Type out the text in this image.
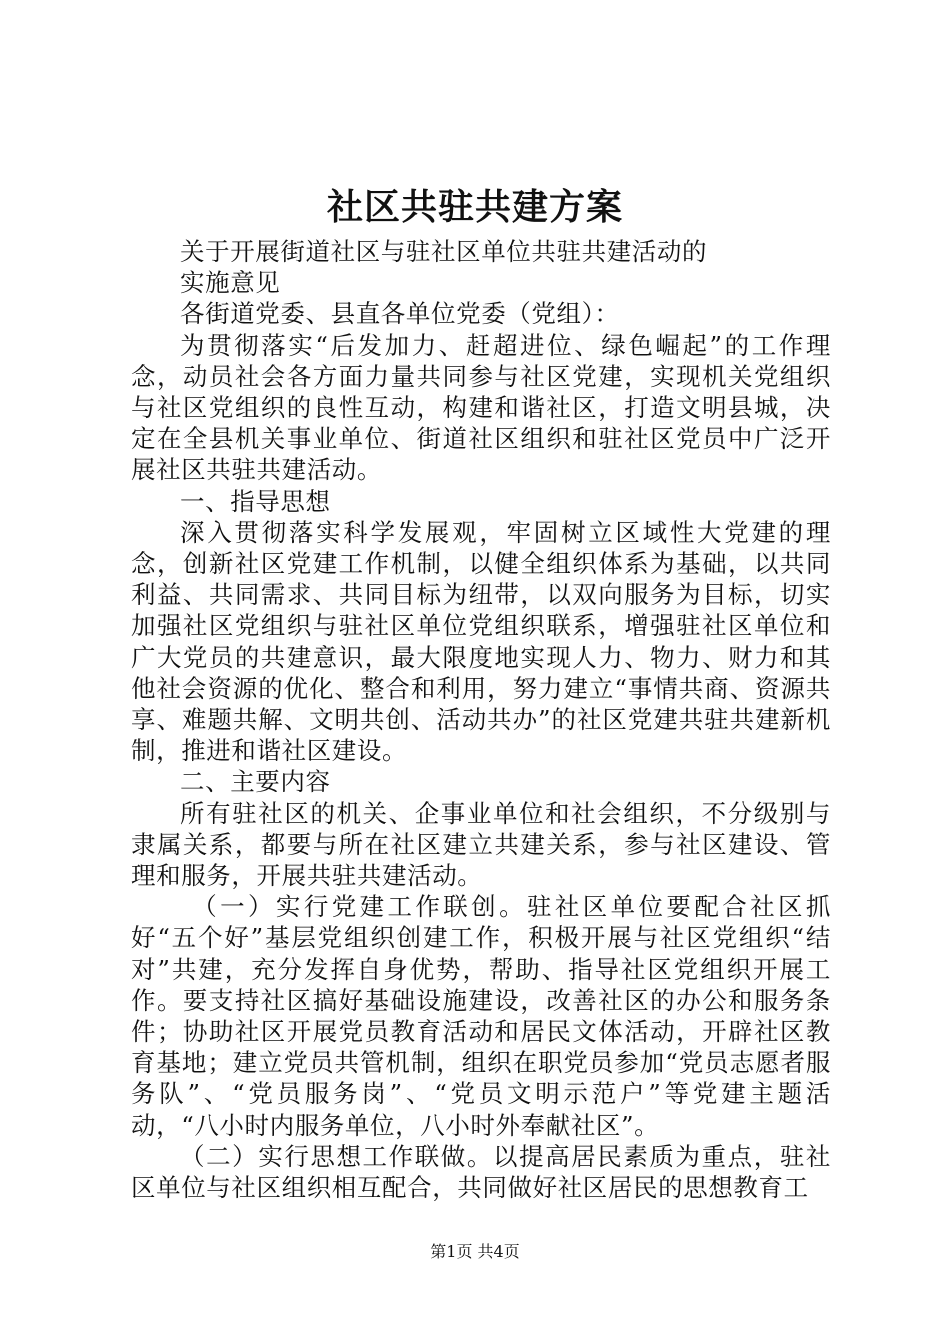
社区共驻共建方案

关于开展街道社区与驻社区单位共驻共建活动的

实施意见

各街道党委、县直各单位党委（党组）：

为贯彻落实“后发加力、赶超进位、绿色崛起”的工作理念，动员社会各方面力量共同参与社区党建，实现机关党组织与社区党组织的良性互动，构建和谐社区，打造文明县城，决定在全县机关事业单位、街道社区组织和驻社区党员中广泛开展社区共驻共建活动。

一、指导思想

深入贯彻落实科学发展观，牢固树立区域性大党建的理念，创新社区党建工作机制，以健全组织体系为基础，以共同利益、共同需求、共同目标为纽带，以双向服务为目标，切实加强社区党组织与驻社区单位党组织联系，增强驻社区单位和广大党员的共建意识，最大限度地实现人力、物力、财力和其他社会资源的优化、整合和利用，努力建立“事情共商、资源共享、难题共解、文明共创、活动共办”的社区党建共驻共建新机制，推进和谐社区建设。

二、主要内容

所有驻社区的机关、企事业单位和社会组织，不分级别与隶属关系，都要与所在社区建立共建关系，参与社区建设、管理和服务，开展共驻共建活动。

（一）实行党建工作联创。驻社区单位要配合社区抓好“五个好”基层党组织创建工作，积极开展与社区党组织“结对”共建，充分发挥自身优势，帮助、指导社区党组织开展工作。要支持社区搞好基础设施建设，改善社区的办公和服务条件；协助社区开展党员教育活动和居民文体活动，开辟社区教育基地；建立党员共管机制，组织在职党员参加“党员志愿者服务队”、“党员服务岗”、“党员文明示范户”等党建主题活动，“八小时内服务单位，八小时外奉献社区”。

（二）实行思想工作联做。以提高居民素质为重点，驻社区单位与社区组织相互配合，共同做好社区居民的思想教育工

第1页 共4页
